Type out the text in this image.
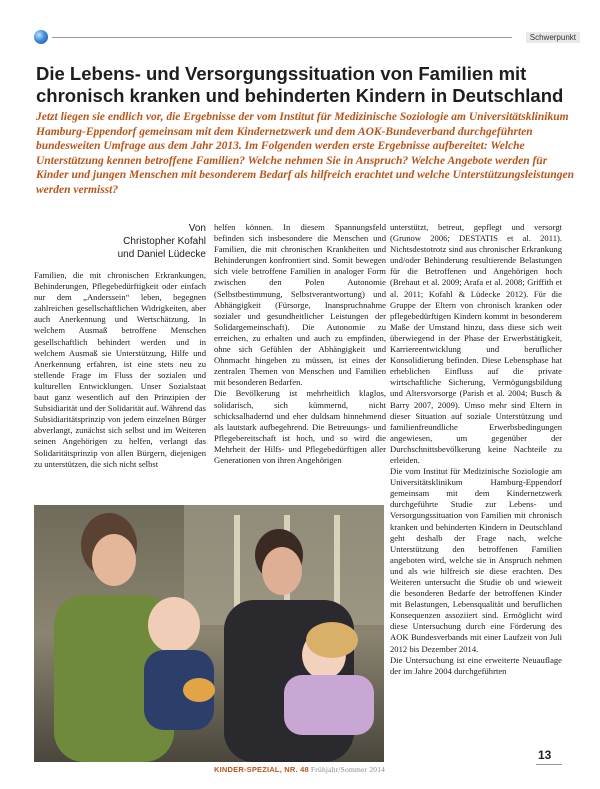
Schwerpunkt
Die Lebens- und Versorgungssituation von Familien mit
chronisch kranken und behinderten Kindern in Deutschland
Jetzt liegen sie endlich vor, die Ergebnisse der vom Institut für Medizinische Soziologie am Universitätsklinikum Hamburg-Eppendorf gemeinsam mit dem Kindernetzwerk und dem AOK-Bundeverband durchgeführten bundesweiten Umfrage aus dem Jahr 2013. Im Folgenden werden erste Ergebnisse aufbereitet: Welche Unterstützung kennen betroffene Familien? Welche nehmen Sie in Anspruch? Welche Angebote werden für Kinder und jungen Menschen mit besonderem Bedarf als hilfreich erachtet und welche Unterstützungsleistungen werden vermisst?
Von
Christopher Kofahl
und Daniel Lüdecke

Familien, die mit chronischen Erkrankungen, Behinderungen, Pflegebedürftigkeit oder einfach nur dem „Anderssein“ leben, begegnen zahlreichen gesellschaftlichen Widrigkeiten, aber auch Anerkennung und Wertschätzung. In welchem Ausmaß betroffene Menschen gesellschaftlich behindert werden und in welchem Ausmaß sie Unterstützung, Hilfe und Anerkennung erfahren, ist eine stets neu zu stellende Frage im Fluss der sozialen und kulturellen Entwicklungen. Unser Sozialstaat baut ganz wesentlich auf den Prinzipien der Subsidiarität und der Solidarität auf. Während das Subsidiaritätsprinzip von jedem einzelnen Bürger abverlangt, zunächst sich selbst und im Weiteren seinen Angehörigen zu helfen, verlangt das Solidaritätsprinzip von allen Bürgern, diejenigen zu unterstützen, die sich nicht selbst

helfen können. In diesem Spannungsfeld befinden sich insbesondere die Menschen und Familien, die mit chronischen Krankheiten und Behinderungen konfrontiert sind. Somit bewegen sich viele betroffene Familien in analoger Form zwischen den Polen Autonomie (Selbstbestimmung, Selbstverantwortung) und Abhängigkeit (Fürsorge, Inanspruchnahme sozialer und gesundheitlicher Leistungen der Solidargemeinschaft). Die Autonomie zu erreichen, zu erhalten und auch zu empfinden, ohne sich Gefühlen der Abhängigkeit und Ohnmacht hingeben zu müssen, ist eines der zentralen Themen von Menschen und Familien mit besonderen Bedarfen.

Die Bevölkerung ist mehrheitlich klaglos, solidarisch, sich kümmernd, nicht schicksalhadernd und eher duldsam hinnehmend als lautstark aufbegehrend. Die Betreuungs- und Pflegebereitschaft ist hoch, und so wird die Mehrheit der Hilfs- und Pflegebedürftigen aller Generationen von ihren Angehörigen

unterstützt, betreut, gepflegt und versorgt (Grunow 2006; DESTATIS et al. 2011). Nichtsdestotrotz sind aus chronischer Erkrankung und/oder Behinderung resultierende Belastungen für die Betroffenen und Angehörigen hoch (Brehaut et al. 2009; Arafa et al. 2008; Griffith et al. 2011; Kofahl & Lüdecke 2012). Für die Gruppe der Eltern von chronisch kranken oder pflegebedürftigen Kindern kommt in besonderem Maße der Umstand hinzu, dass diese sich weit überwiegend in der Phase der Erwerbstätigkeit, Karriereentwicklung und beruflicher Konsolidierung befinden. Diese Lebensphase hat erheblichen Einfluss auf die private wirtschaftliche Sicherung, Vermögungsbildung und Altersvorsorge (Parish et al. 2004; Busch & Barry 2007, 2009). Umso mehr sind Eltern in dieser Situation auf soziale Unterstützung und familienfreundliche Erwerbsbedingungen angewiesen, um gegenüber der Durchschnittsbevölkerung keine Nachteile zu erleiden.

Die vom Institut für Medizinische Soziologie am Universitätsklinikum Hamburg-Eppendorf gemeinsam mit dem Kindernetzwerk durchgeführte Studie zur Lebens- und Versorgungssituation von Familien mit chronisch kranken und behinderten Kindern in Deutschland geht deshalb der Frage nach, welche Unterstützung den betroffenen Familien angeboten wird, welche sie in Anspruch nehmen und als wie hilfreich sie diese erachten. Des Weiteren untersucht die Studie ob und wieweit die besonderen Bedarfe der betroffenen Kinder mit Belastungen, Lebensqualität und beruflichen Konsequenzen assoziiert sind. Ermöglicht wird diese Untersuchung durch eine Förderung des AOK Bundesverbands mit einer Laufzeit von Juli 2012 bis Dezember 2014.

Die Untersuchung ist eine erweiterte Neuauflage der im Jahre 2004 durchgeführten

KINDER-SPEZIAL, NR. 48 Frühjahr/Sommer 2014
13
